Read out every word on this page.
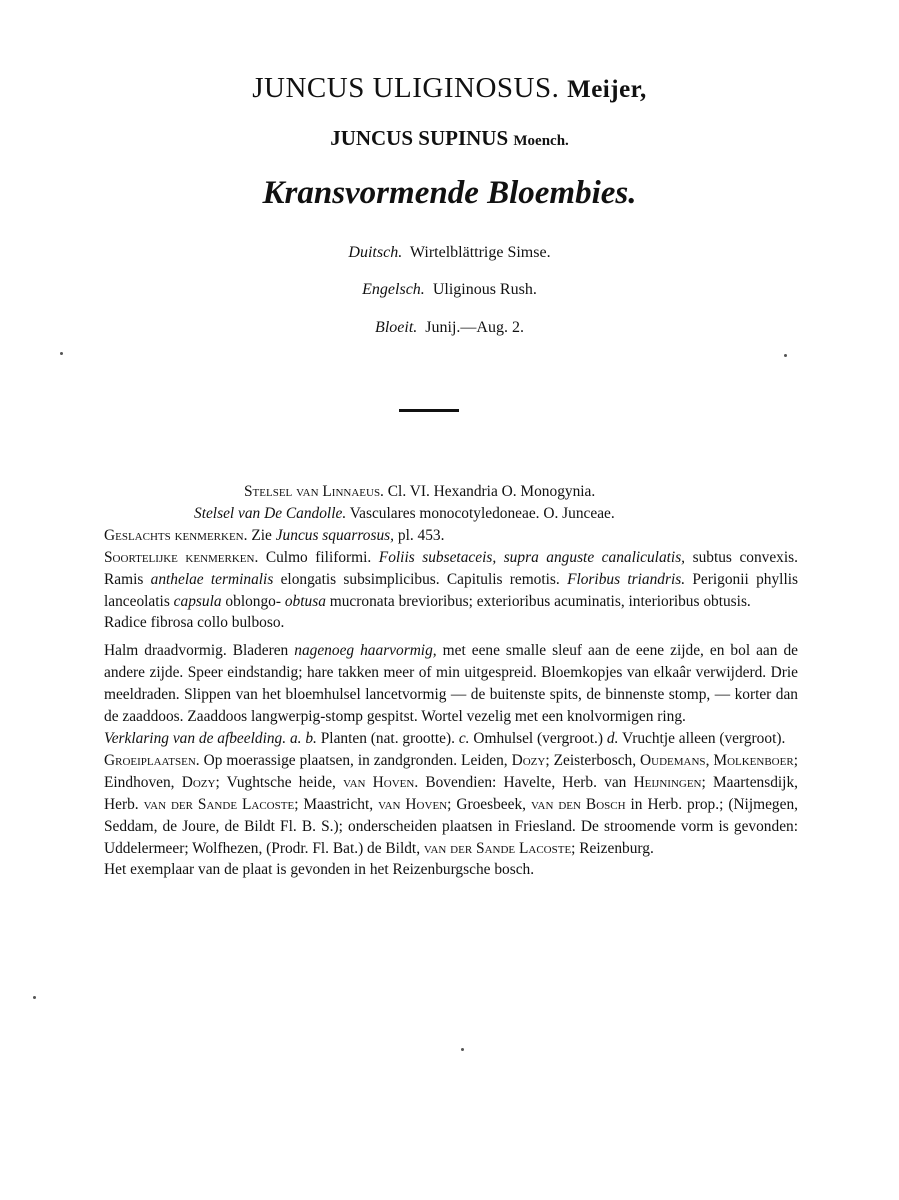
JUNCUS ULIGINOSUS. Meijer,
JUNCUS SUPINUS Moench.
Kransvormende Bloembies.
Duitsch. Wirtelblättrige Simse.
Engelsch. Uliginous Rush.
Bloeit. Junij.—Aug. 2.

Stelsel van Linnaeus. Cl. VI. Hexandria O. Monogynia.

Stelsel van De Candolle. Vasculares monocotyledoneae. O. Junceae.

Geslachts kenmerken. Zie Juncus squarrosus, pl. 453.

Soortelijke kenmerken. Culmo filiformi. Foliis subsetaceis, supra anguste canaliculatis, subtus convexis. Ramis anthelae terminalis elongatis subsimplicibus. Capitulis remotis. Floribus triandris. Perigonii phyllis lanceolatis capsula oblongo- obtusa mucronata brevioribus; exterioribus acuminatis, interioribus obtusis.

Radice fibrosa collo bulboso.

Halm draadvormig. Bladeren nagenoeg haarvormig, met eene smalle sleuf aan de eene zijde, en bol aan de andere zijde. Speer eindstandig; hare takken meer of min uitgespreid. Bloemkopjes van elkaâr verwijderd. Drie meeldraden. Slippen van het bloemhulsel lancetvormig — de buitenste spits, de binnenste stomp, — korter dan de zaaddoos. Zaaddoos langwerpig-stomp gespitst. Wortel vezelig met een knolvormigen ring.

Verklaring van de afbeelding. a. b. Planten (nat. grootte). c. Omhulsel (vergroot.) d. Vruchtje alleen (vergroot).

Groeiplaatsen. Op moerassige plaatsen, in zandgronden. Leiden, Dozy; Zeisterbosch, Oudemans, Molkenboer; Eindhoven, Dozy; Vughtsche heide, van Hoven. Bovendien: Havelte, Herb. van Heijningen; Maartensdijk, Herb. van der Sande Lacoste; Maastricht, van Hoven; Groesbeek, van den Bosch in Herb. prop.; (Nijmegen, Seddam, de Joure, de Bildt Fl. B. S.); onderscheiden plaatsen in Friesland. De stroomende vorm is gevonden: Uddelermeer; Wolfhezen, (Prodr. Fl. Bat.) de Bildt, van der Sande Lacoste; Reizenburg.

Het exemplaar van de plaat is gevonden in het Reizenburgsche bosch.
